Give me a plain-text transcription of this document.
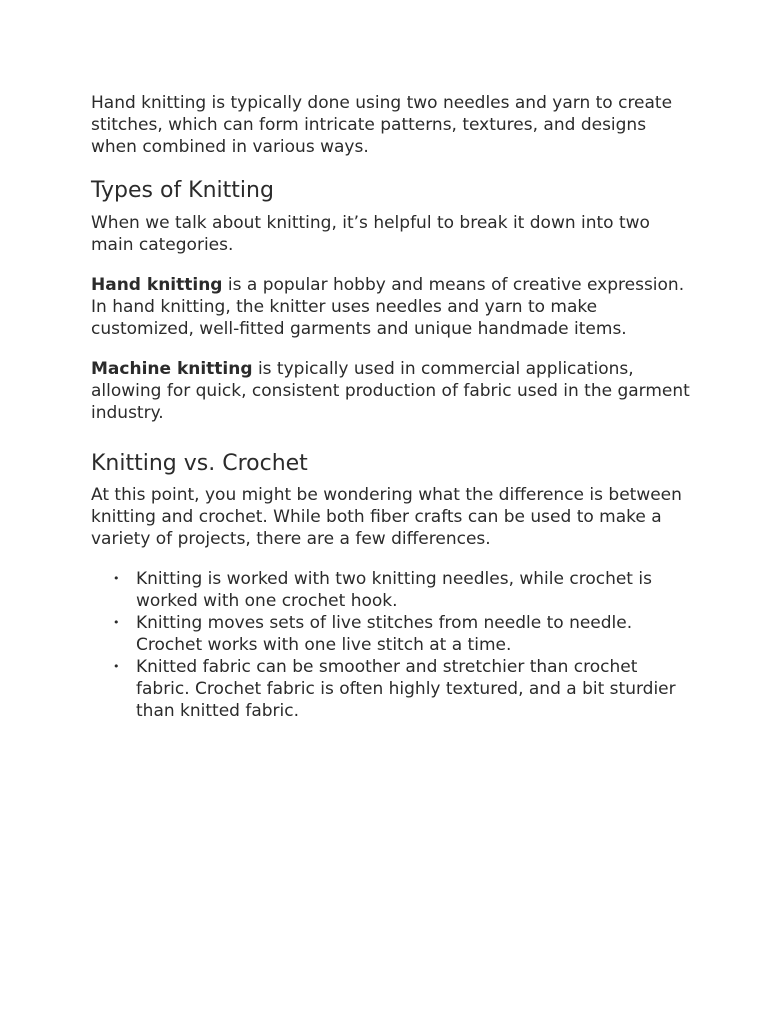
Hand knitting is typically done using two needles and yarn to create stitches, which can form intricate patterns, textures, and designs when combined in various ways.

Types of Knitting

When we talk about knitting, it’s helpful to break it down into two main categories.

Hand knitting is a popular hobby and means of creative expression. In hand knitting, the knitter uses needles and yarn to make customized, well-fitted garments and unique handmade items.

Machine knitting is typically used in commercial applications, allowing for quick, consistent production of fabric used in the garment industry.

Knitting vs. Crochet

At this point, you might be wondering what the difference is between knitting and crochet. While both fiber crafts can be used to make a variety of projects, there are a few differences.

• Knitting is worked with two knitting needles, while crochet is worked with one crochet hook.
• Knitting moves sets of live stitches from needle to needle. Crochet works with one live stitch at a time.
• Knitted fabric can be smoother and stretchier than crochet fabric. Crochet fabric is often highly textured, and a bit sturdier than knitted fabric.
